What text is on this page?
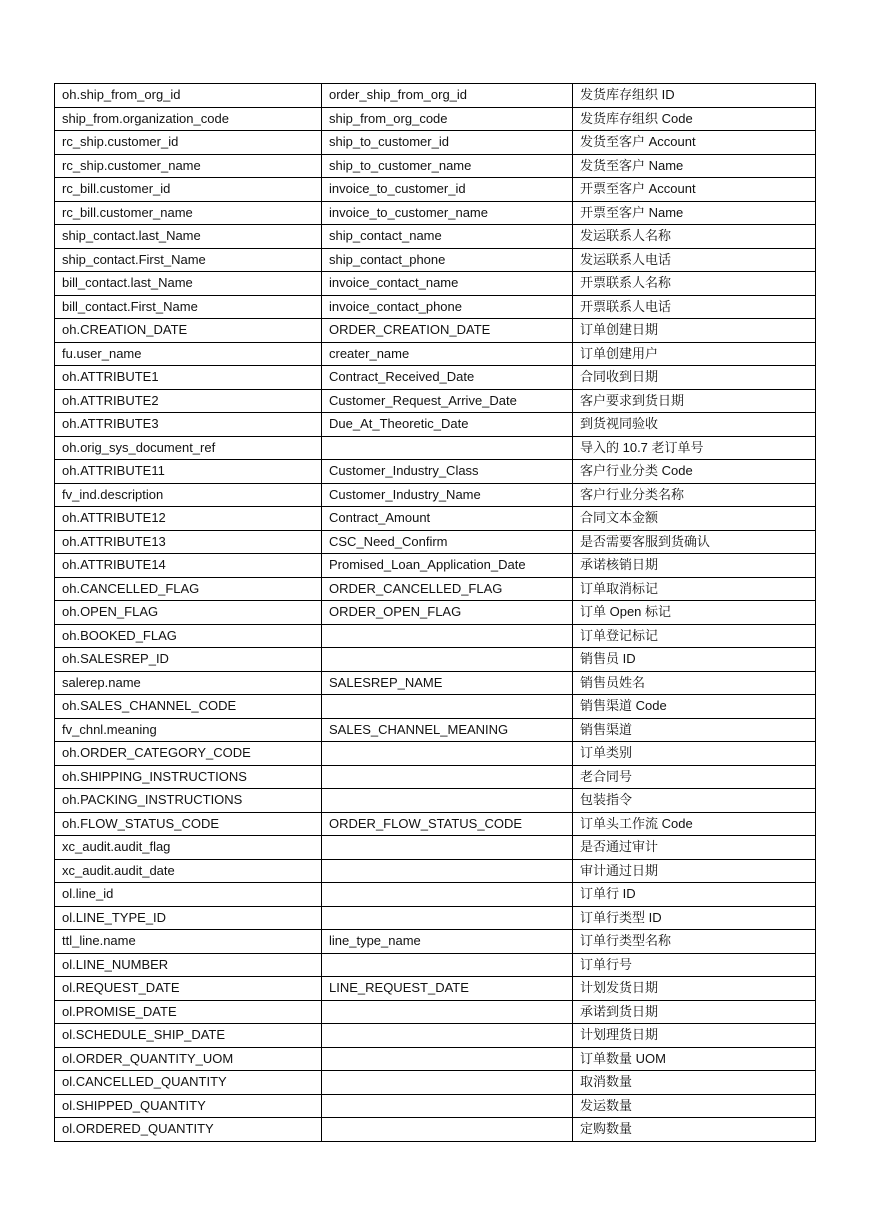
oh.ship_from_org_id	order_ship_from_org_id	发货库存组织 ID
ship_from.organization_code	ship_from_org_code	发货库存组织 Code
rc_ship.customer_id	ship_to_customer_id	发货至客户 Account
rc_ship.customer_name	ship_to_customer_name	发货至客户 Name
rc_bill.customer_id	invoice_to_customer_id	开票至客户 Account
rc_bill.customer_name	invoice_to_customer_name	开票至客户 Name
ship_contact.last_Name	ship_contact_name	发运联系人名称
ship_contact.First_Name	ship_contact_phone	发运联系人电话
bill_contact.last_Name	invoice_contact_name	开票联系人名称
bill_contact.First_Name	invoice_contact_phone	开票联系人电话
oh.CREATION_DATE	ORDER_CREATION_DATE	订单创建日期
fu.user_name	creater_name	订单创建用户
oh.ATTRIBUTE1	Contract_Received_Date	合同收到日期
oh.ATTRIBUTE2	Customer_Request_Arrive_Date	客户要求到货日期
oh.ATTRIBUTE3	Due_At_Theoretic_Date	到货视同验收
oh.orig_sys_document_ref		导入的 10.7 老订单号
oh.ATTRIBUTE11	Customer_Industry_Class	客户行业分类 Code
fv_ind.description	Customer_Industry_Name	客户行业分类名称
oh.ATTRIBUTE12	Contract_Amount	合同文本金额
oh.ATTRIBUTE13	CSC_Need_Confirm	是否需要客服到货确认
oh.ATTRIBUTE14	Promised_Loan_Application_Date	承诺核销日期
oh.CANCELLED_FLAG	ORDER_CANCELLED_FLAG	订单取消标记
oh.OPEN_FLAG	ORDER_OPEN_FLAG	订单 Open 标记
oh.BOOKED_FLAG		订单登记标记
oh.SALESREP_ID		销售员 ID
salerep.name	SALESREP_NAME	销售员姓名
oh.SALES_CHANNEL_CODE		销售渠道 Code
fv_chnl.meaning	SALES_CHANNEL_MEANING	销售渠道
oh.ORDER_CATEGORY_CODE		订单类别
oh.SHIPPING_INSTRUCTIONS		老合同号
oh.PACKING_INSTRUCTIONS		包装指令
oh.FLOW_STATUS_CODE	ORDER_FLOW_STATUS_CODE	订单头工作流 Code
xc_audit.audit_flag		是否通过审计
xc_audit.audit_date		审计通过日期
ol.line_id		订单行 ID
ol.LINE_TYPE_ID		订单行类型 ID
ttl_line.name	line_type_name	订单行类型名称
ol.LINE_NUMBER		订单行号
ol.REQUEST_DATE	LINE_REQUEST_DATE	计划发货日期
ol.PROMISE_DATE		承诺到货日期
ol.SCHEDULE_SHIP_DATE		计划理货日期
ol.ORDER_QUANTITY_UOM		订单数量 UOM
ol.CANCELLED_QUANTITY		取消数量
ol.SHIPPED_QUANTITY		发运数量
ol.ORDERED_QUANTITY		定购数量
